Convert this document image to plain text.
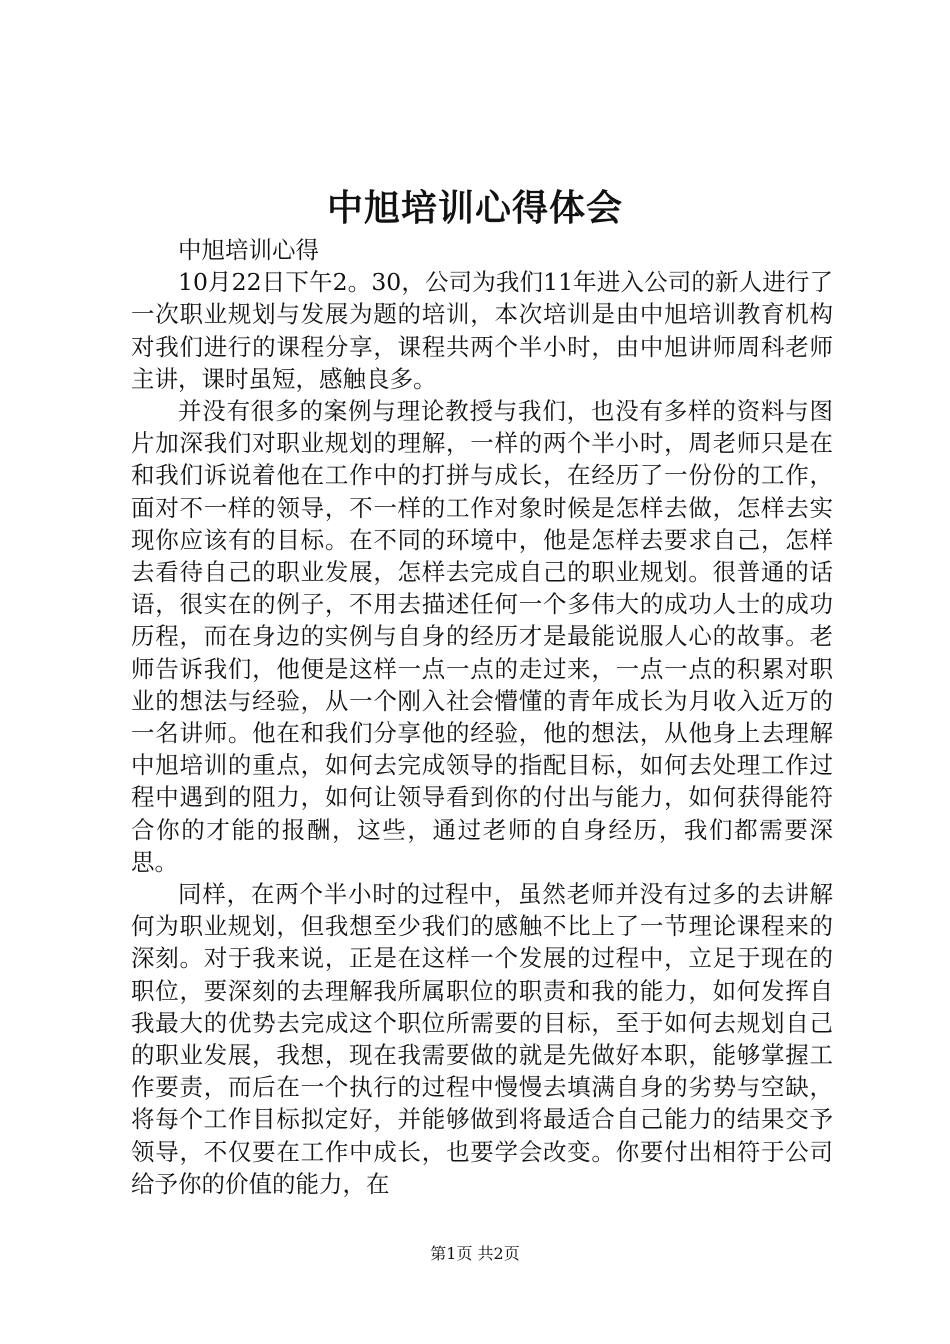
中旭培训心得体会

中旭培训心得

10月22日下午2。30，公司为我们11年进入公司的新人进行了一次职业规划与发展为题的培训，本次培训是由中旭培训教育机构对我们进行的课程分享，课程共两个半小时，由中旭讲师周科老师主讲，课时虽短，感触良多。

并没有很多的案例与理论教授与我们，也没有多样的资料与图片加深我们对职业规划的理解，一样的两个半小时，周老师只是在和我们诉说着他在工作中的打拼与成长，在经历了一份份的工作，面对不一样的领导，不一样的工作对象时候是怎样去做，怎样去实现你应该有的目标。在不同的环境中，他是怎样去要求自己，怎样去看待自己的职业发展，怎样去完成自己的职业规划。很普通的话语，很实在的例子，不用去描述任何一个多伟大的成功人士的成功历程，而在身边的实例与自身的经历才是最能说服人心的故事。老师告诉我们，他便是这样一点一点的走过来，一点一点的积累对职业的想法与经验，从一个刚入社会懵懂的青年成长为月收入近万的一名讲师。他在和我们分享他的经验，他的想法，从他身上去理解中旭培训的重点，如何去完成领导的指配目标，如何去处理工作过程中遇到的阻力，如何让领导看到你的付出与能力，如何获得能符合你的才能的报酬，这些，通过老师的自身经历，我们都需要深思。

同样，在两个半小时的过程中，虽然老师并没有过多的去讲解何为职业规划，但我想至少我们的感触不比上了一节理论课程来的深刻。对于我来说，正是在这样一个发展的过程中，立足于现在的职位，要深刻的去理解我所属职位的职责和我的能力，如何发挥自我最大的优势去完成这个职位所需要的目标，至于如何去规划自己的职业发展，我想，现在我需要做的就是先做好本职，能够掌握工作要责，而后在一个执行的过程中慢慢去填满自身的劣势与空缺，将每个工作目标拟定好，并能够做到将最适合自己能力的结果交予领导，不仅要在工作中成长，也要学会改变。你要付出相符于公司给予你的价值的能力，在

第1页 共2页
